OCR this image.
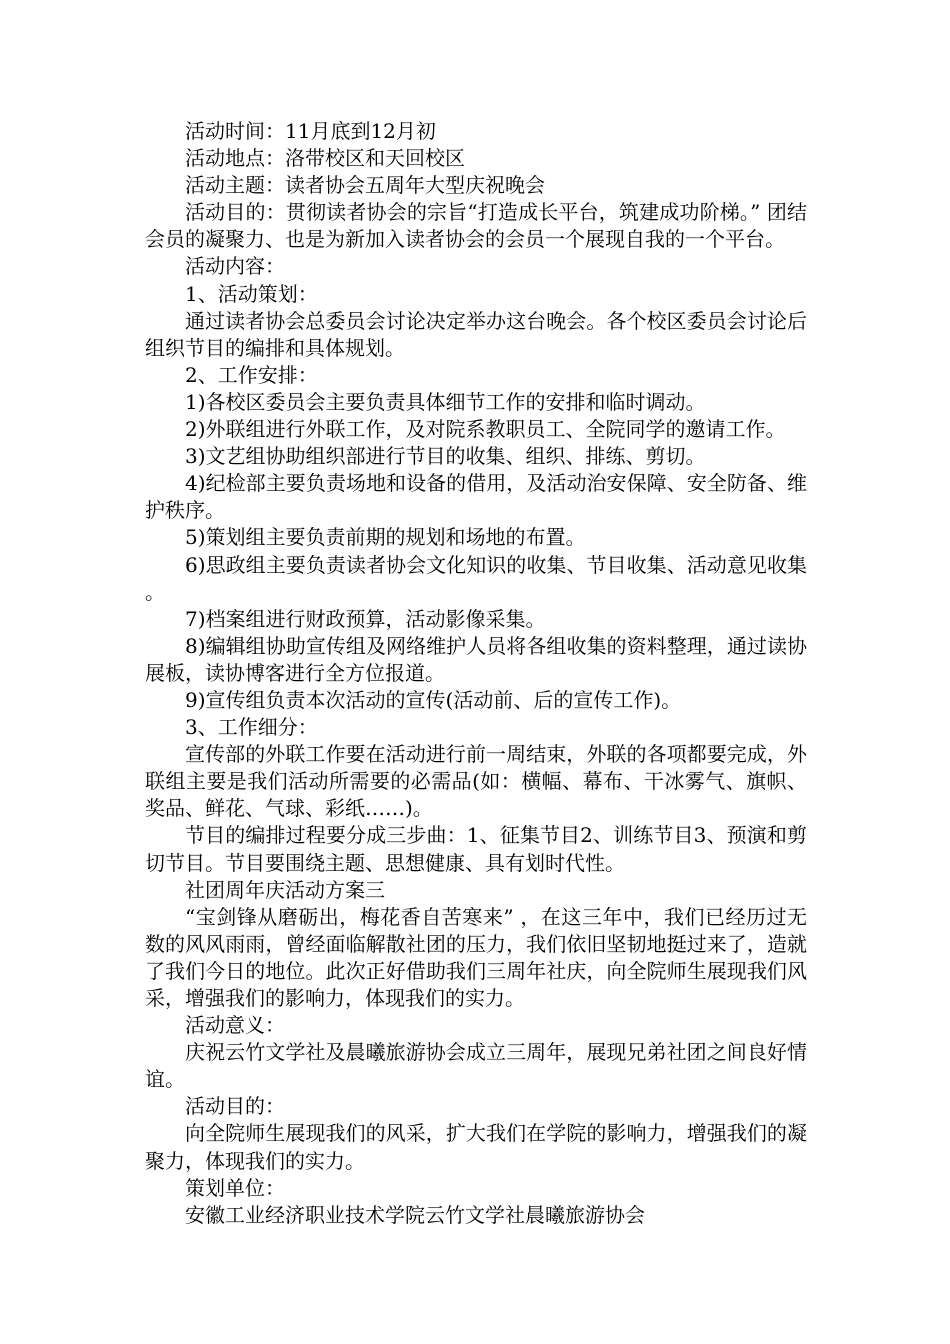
活动时间：11月底到12月初

活动地点：洛带校区和天回校区

活动主题：读者协会五周年大型庆祝晚会

活动目的：贯彻读者协会的宗旨“打造成长平台，筑建成功阶梯。” 团结会员的凝聚力、也是为新加入读者协会的会员一个展现自我的一个平台。

活动内容：

1、活动策划：

通过读者协会总委员会讨论决定举办这台晚会。各个校区委员会讨论后组织节目的编排和具体规划。

2、工作安排：

1)各校区委员会主要负责具体细节工作的安排和临时调动。

2)外联组进行外联工作，及对院系教职员工、全院同学的邀请工作。

3)文艺组协助组织部进行节目的收集、组织、排练、剪切。

4)纪检部主要负责场地和设备的借用，及活动治安保障、安全防备、维护秩序。

5)策划组主要负责前期的规划和场地的布置。

6)思政组主要负责读者协会文化知识的收集、节目收集、活动意见收集。

7)档案组进行财政预算，活动影像采集。

8)编辑组协助宣传组及网络维护人员将各组收集的资料整理，通过读协展板，读协博客进行全方位报道。

9)宣传组负责本次活动的宣传(活动前、后的宣传工作)。

3、工作细分：

宣传部的外联工作要在活动进行前一周结束，外联的各项都要完成，外联组主要是我们活动所需要的必需品(如：横幅、幕布、干冰雾气、旗帜、奖品、鲜花、气球、彩纸……)。

节目的编排过程要分成三步曲：1、征集节目2、训练节目3、预演和剪切节目。节目要围绕主题、思想健康、具有划时代性。

社团周年庆活动方案三

“宝剑锋从磨砺出，梅花香自苦寒来” ，在这三年中，我们已经历过无数的风风雨雨，曾经面临解散社团的压力，我们依旧坚韧地挺过来了，造就了我们今日的地位。此次正好借助我们三周年社庆，向全院师生展现我们风采，增强我们的影响力，体现我们的实力。

活动意义：

庆祝云竹文学社及晨曦旅游协会成立三周年，展现兄弟社团之间良好情谊。

活动目的：

向全院师生展现我们的风采，扩大我们在学院的影响力，增强我们的凝聚力，体现我们的实力。

策划单位：

安徽工业经济职业技术学院云竹文学社晨曦旅游协会
